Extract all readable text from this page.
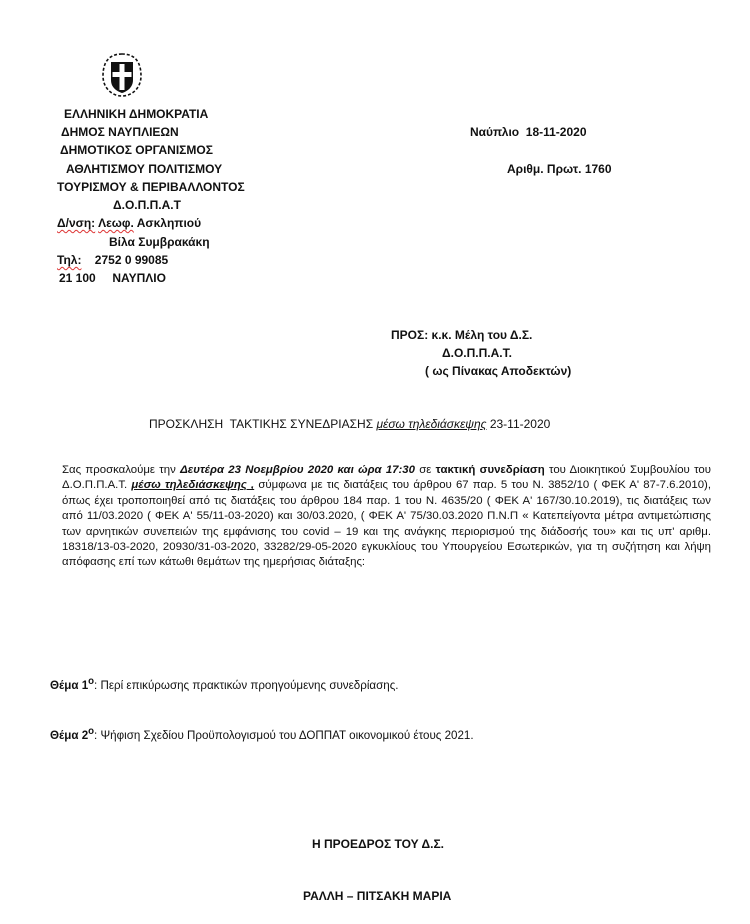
ΕΛΛΗΝΙΚΗ ΔΗΜΟΚΡΑΤΙΑ
ΔΗΜΟΣ ΝΑΥΠΛΙΕΩΝ
ΔΗΜΟΤΙΚΟΣ ΟΡΓΑΝΙΣΜΟΣ
ΑΘΛΗΤΙΣΜΟΥ ΠΟΛΙΤΙΣΜΟΥ
ΤΟΥΡΙΣΜΟΥ & ΠΕΡΙΒΑΛΛΟΝΤΟΣ
Δ.Ο.Π.Π.Α.Τ
Δ/νση: Λεωφ. Ασκληπιού
Βίλα Συμβρακάκη
Τηλ: 2752 0 99085
21 100     ΝΑΥΠΛΙΟ
Ναύπλιο  18-11-2020
Αριθμ. Πρωτ. 1760
ΠΡΟΣ: κ.κ. Μέλη του Δ.Σ.
Δ.Ο.Π.Π.Α.Τ.
( ως Πίνακας Αποδεκτών)
ΠΡΟΣΚΛΗΣΗ  ΤΑΚΤΙΚΗΣ ΣΥΝΕΔΡΙΑΣΗΣ μέσω τηλεδιάσκεψης 23-11-2020
Σας προσκαλούμε την Δευτέρα 23 Νοεμβρίου 2020 και ώρα 17:30 σε τακτική συνεδρίαση του Διοικητικού Συμβουλίου του Δ.Ο.Π.Π.Α.Τ. μέσω τηλεδιάσκεψης , σύμφωνα με τις διατάξεις του άρθρου 67 παρ. 5 του Ν. 3852/10 ( ΦΕΚ Α' 87-7.6.2010), όπως έχει τροποποιηθεί από τις διατάξεις του άρθρου 184 παρ. 1 του Ν. 4635/20 ( ΦΕΚ Α' 167/30.10.2019), τις διατάξεις των από 11/03.2020 ( ΦΕΚ Α' 55/11-03-2020) και 30/03.2020, ( ΦΕΚ Α' 75/30.03.2020 Π.Ν.Π « Κατεπείγοντα μέτρα αντιμετώπισης των αρνητικών συνεπειών της εμφάνισης του covid – 19 και της ανάγκης περιορισμού της διάδοσής του» και τις υπ' αριθμ. 18318/13-03-2020, 20930/31-03-2020, 33282/29-05-2020 εγκυκλίους του Υπουργείου Εσωτερικών, για τη συζήτηση και λήψη απόφασης επί των κάτωθι θεμάτων της ημερήσιας διάταξης:
Θέμα $1^o$: Περί επικύρωσης πρακτικών προηγούμενης συνεδρίασης.
Θέμα $2^o$: Ψήφιση Σχεδίου Προϋπολογισμού του ΔΟΠΠΑΤ οικονομικού έτους 2021.
Η ΠΡΟΕΔΡΟΣ ΤΟΥ Δ.Σ.
ΡΑΛΛΗ – ΠΙΤΣΑΚΗ ΜΑΡΙΑ
